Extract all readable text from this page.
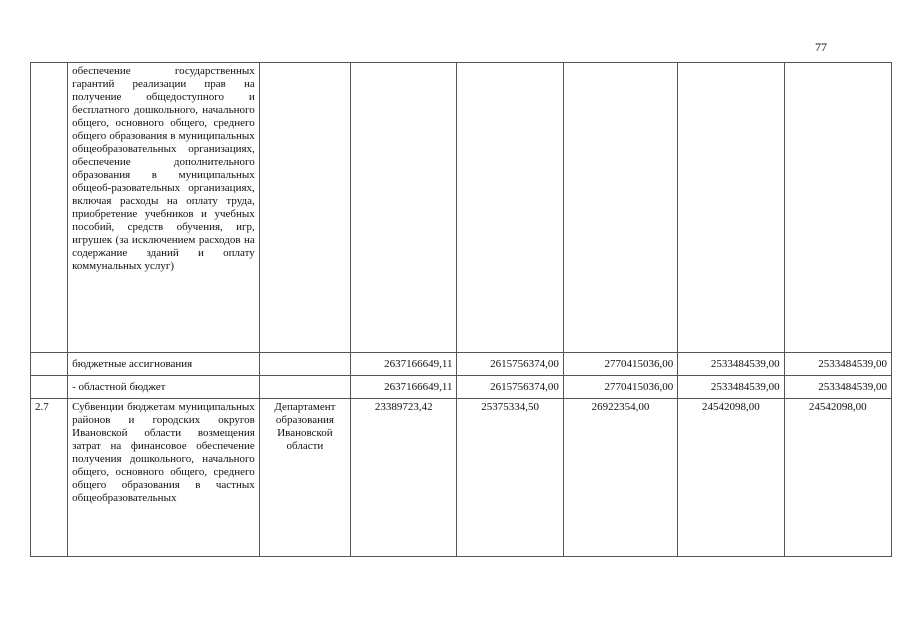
77
	обеспечение государственных гарантий реализации прав на получение общедоступного и бесплатного дошкольного, начального общего, основного общего, среднего общего образования в муниципальных общеобразовательных организациях, обеспечение дополнительного образования в муниципальных общеоб-разовательных организациях, включая расходы на оплату труда, приобретение учебников и учебных пособий, средств обучения, игр, игрушек (за исключением расходов на содержание зданий и оплату коммунальных услуг)						
	бюджетные ассигнования		2637166649,11	2615756374,00	2770415036,00	2533484539,00	2533484539,00
	- областной бюджет		2637166649,11	2615756374,00	2770415036,00	2533484539,00	2533484539,00
2.7	Субвенции бюджетам муниципальных районов и городских округов Ивановской области возмещения затрат на финансовое обеспечение получения дошкольного, начального общего, основного общего, среднего общего образования в частных общеобразовательных	Департамент образования Ивановской области	23389723,42	25375334,50	26922354,00	24542098,00	24542098,00
